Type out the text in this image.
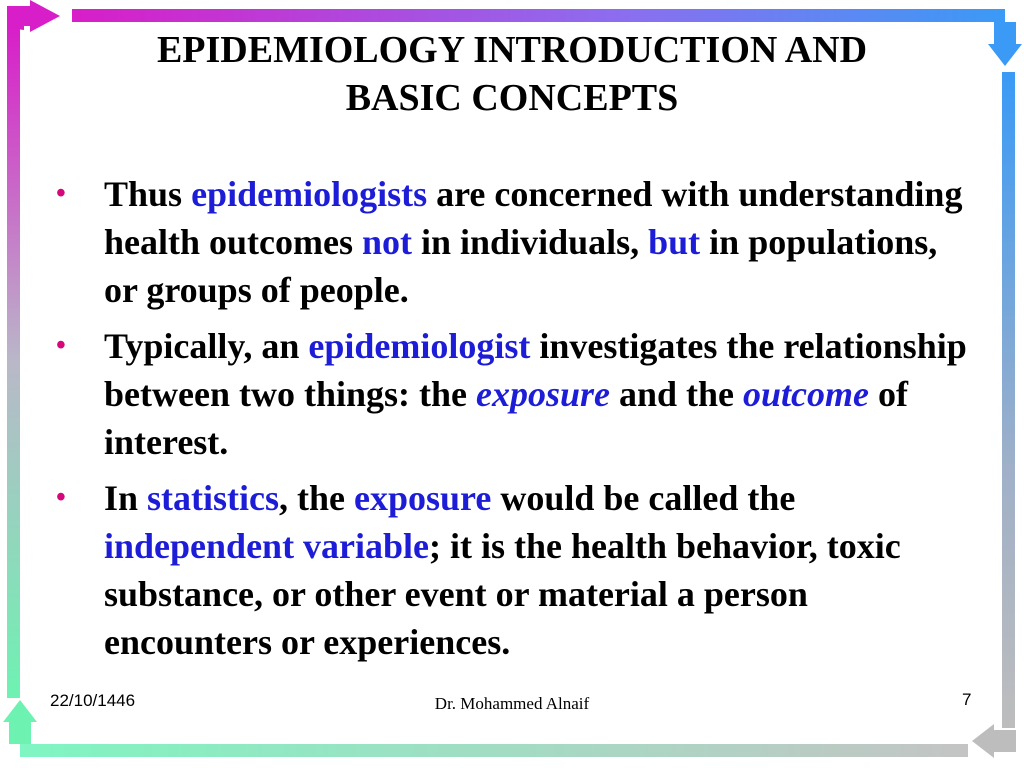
EPIDEMIOLOGY INTRODUCTION AND
BASIC CONCEPTS
• Thus epidemiologists are concerned with understanding health outcomes not in individuals, but in populations, or groups of people.
• Typically, an epidemiologist investigates the relationship between two things: the exposure and the outcome of interest.
• In statistics, the exposure would be called the independent variable; it is the health behavior, toxic substance, or other event or material a person encounters or experiences.
22/10/1446	Dr. Mohammed Alnaif	7
